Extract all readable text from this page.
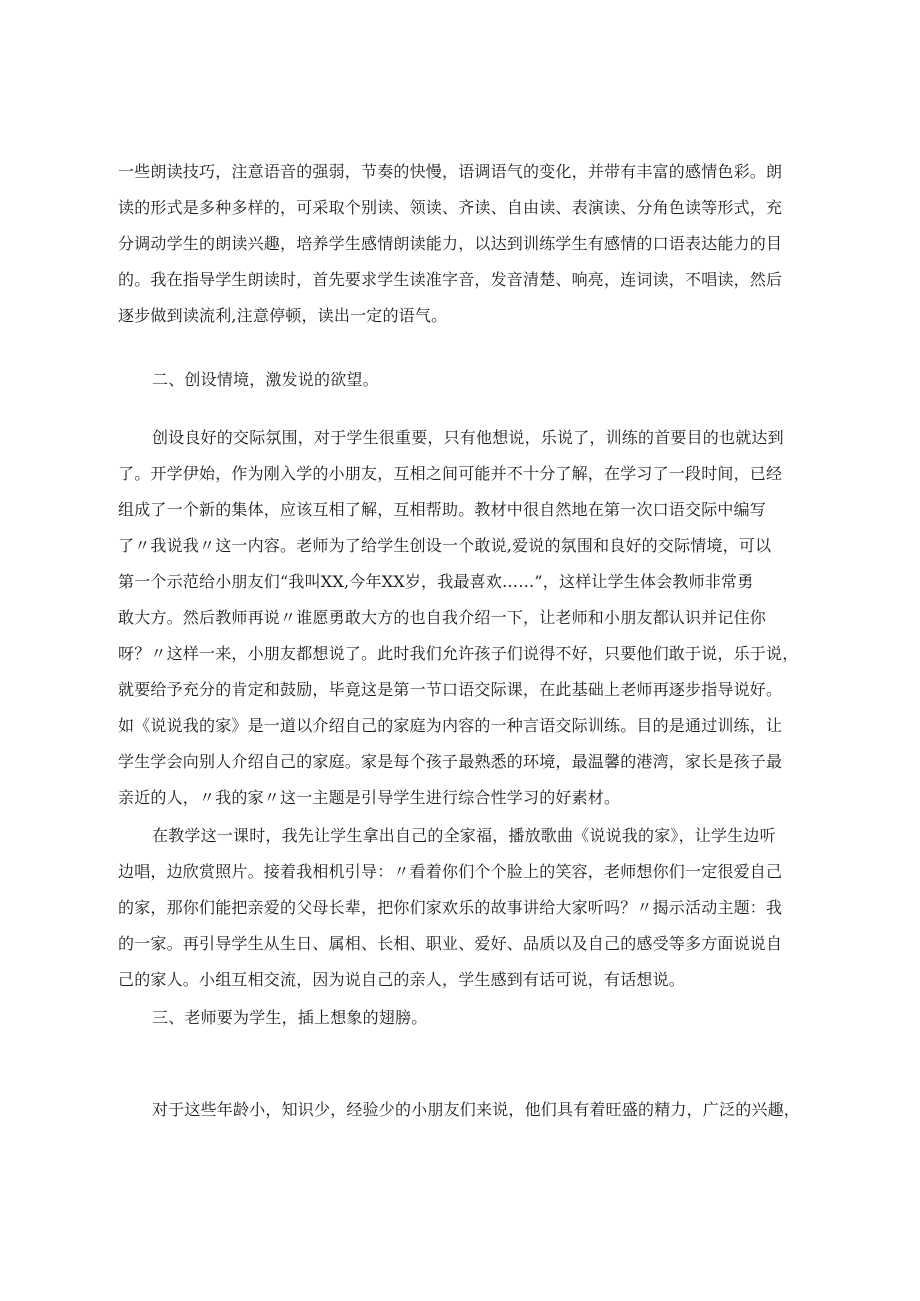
一些朗读技巧，注意语音的强弱，节奏的快慢，语调语气的变化，并带有丰富的感情色彩。朗
读的形式是多种多样的，可采取个别读、领读、齐读、自由读、表演读、分角色读等形式，充
分调动学生的朗读兴趣，培养学生感情朗读能力，以达到训练学生有感情的口语表达能力的目
的。我在指导学生朗读时，首先要求学生读准字音，发音清楚、响亮，连词读，不唱读，然后
逐步做到读流利,注意停顿，读出一定的语气。
二、创设情境，激发说的欲望。
创设良好的交际氛围，对于学生很重要，只有他想说，乐说了，训练的首要目的也就达到
了。开学伊始，作为刚入学的小朋友，互相之间可能并不十分了解，在学习了一段时间，已经
组成了一个新的集体，应该互相了解，互相帮助。教材中很自然地在第一次口语交际中编写
了〃我说我〃这一内容。老师为了给学生创设一个敢说,爱说的氛围和良好的交际情境，可以
第一个示范给小朋友们“我叫XX,今年XX岁，我最喜欢……”，这样让学生体会教师非常勇
敢大方。然后教师再说〃谁愿勇敢大方的也自我介绍一下，让老师和小朋友都认识并记住你
呀？〃这样一来，小朋友都想说了。此时我们允许孩子们说得不好，只要他们敢于说，乐于说，
就要给予充分的肯定和鼓励，毕竟这是第一节口语交际课，在此基础上老师再逐步指导说好。
如《说说我的家》是一道以介绍自己的家庭为内容的一种言语交际训练。目的是通过训练，让
学生学会向别人介绍自己的家庭。家是每个孩子最熟悉的环境，最温馨的港湾，家长是孩子最
亲近的人，〃我的家〃这一主题是引导学生进行综合性学习的好素材。
在教学这一课时，我先让学生拿出自己的全家福，播放歌曲《说说我的家》，让学生边听
边唱，边欣赏照片。接着我相机引导：〃看着你们个个脸上的笑容，老师想你们一定很爱自己
的家，那你们能把亲爱的父母长辈，把你们家欢乐的故事讲给大家听吗？〃揭示活动主题：我
的一家。再引导学生从生日、属相、长相、职业、爱好、品质以及自己的感受等多方面说说自
己的家人。小组互相交流，因为说自己的亲人，学生感到有话可说，有话想说。
三、老师要为学生，插上想象的翅膀。
对于这些年龄小，知识少，经验少的小朋友们来说，他们具有着旺盛的精力，广泛的兴趣，
